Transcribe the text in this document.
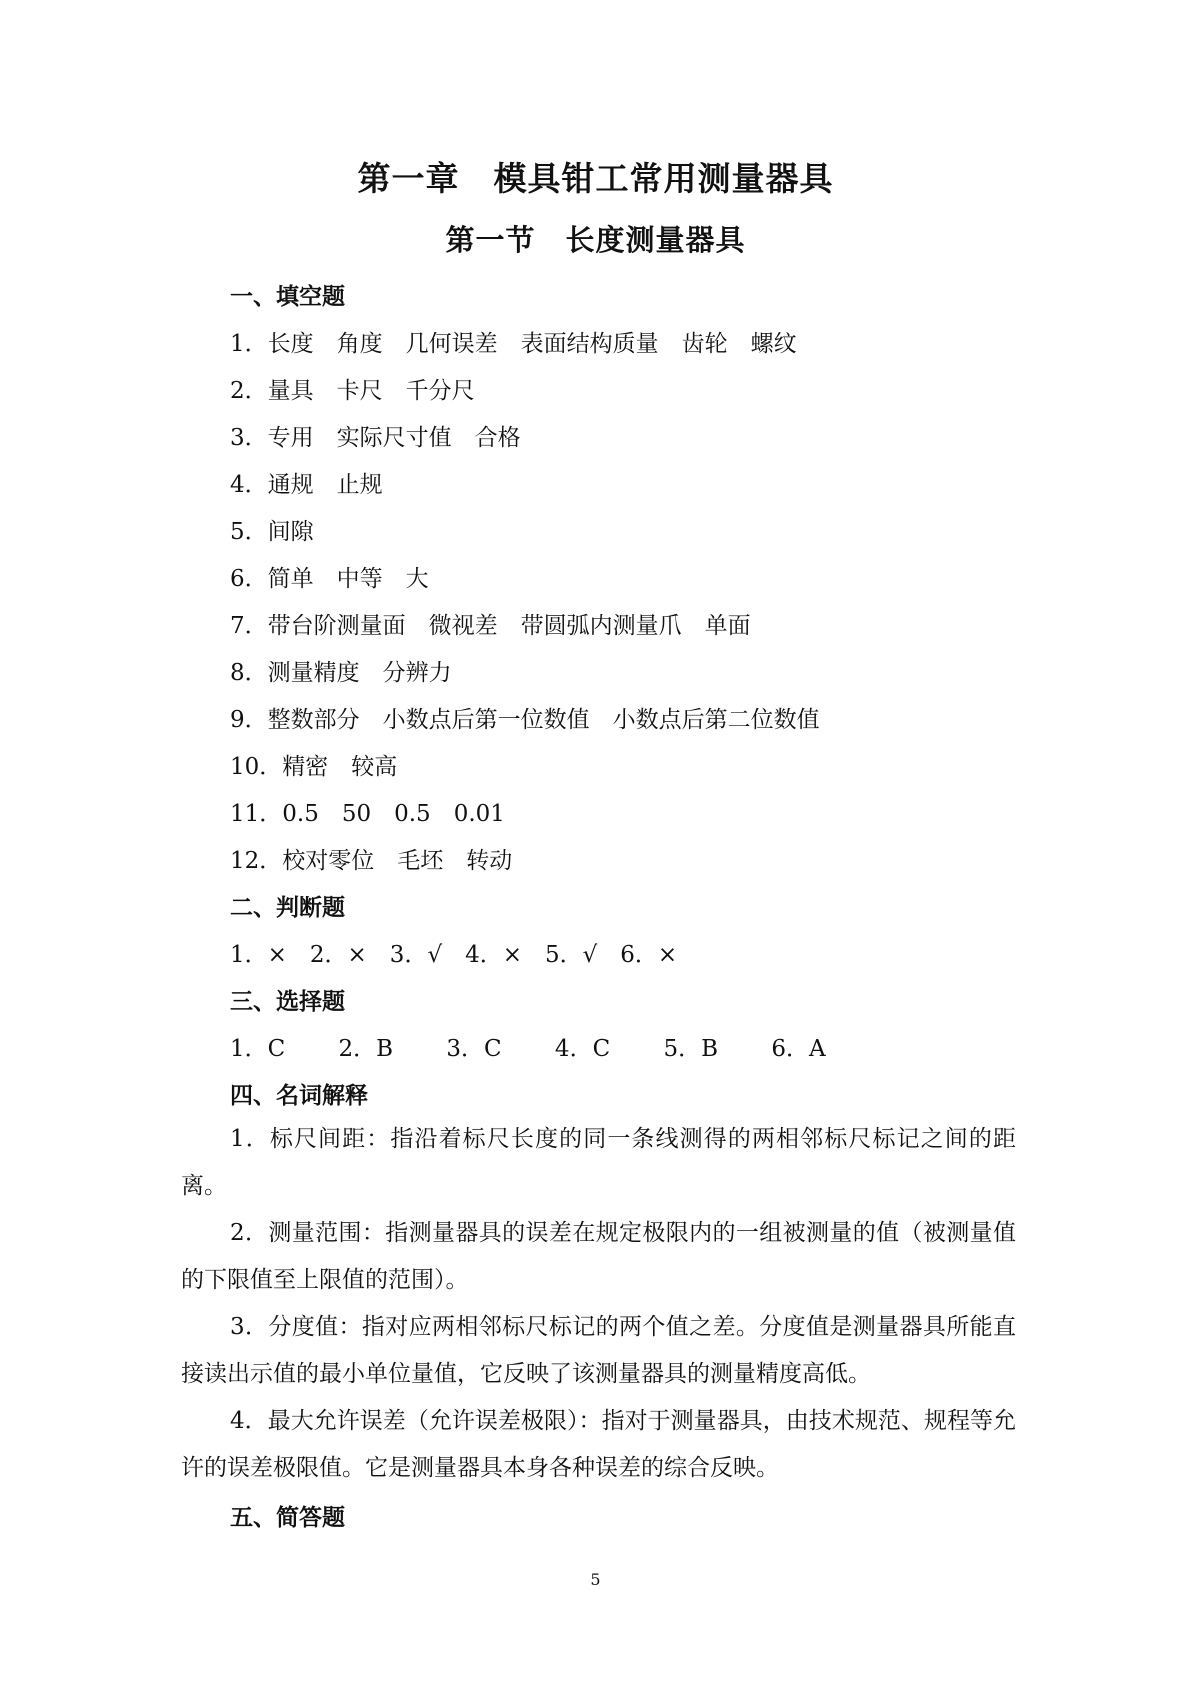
第一章　模具钳工常用测量器具
第一节　长度测量器具
一、填空题
1．长度　角度　几何误差　表面结构质量　齿轮　螺纹
2．量具　卡尺　千分尺
3．专用　实际尺寸值　合格
4．通规　止规
5．间隙
6．简单　中等　大
7．带台阶测量面　微视差　带圆弧内测量爪　单面
8．测量精度　分辨力
9．整数部分　小数点后第一位数值　小数点后第二位数值
10．精密　较高
11．0.5　50　0.5　0.01
12．校对零位　毛坯　转动
二、判断题
1．×　2．×　3．√　4．×　5．√　6．×
三、选择题
1．C　　 2．B　　 3．C　　 4．C　　 5．B　　 6．A
四、名词解释
1．标尺间距：指沿着标尺长度的同一条线测得的两相邻标尺标记之间的距离。
2．测量范围：指测量器具的误差在规定极限内的一组被测量的值（被测量值的下限值至上限值的范围）。
3．分度值：指对应两相邻标尺标记的两个值之差。分度值是测量器具所能直接读出示值的最小单位量值，它反映了该测量器具的测量精度高低。
4．最大允许误差（允许误差极限）：指对于测量器具，由技术规范、规程等允许的误差极限值。它是测量器具本身各种误差的综合反映。
五、简答题
5
